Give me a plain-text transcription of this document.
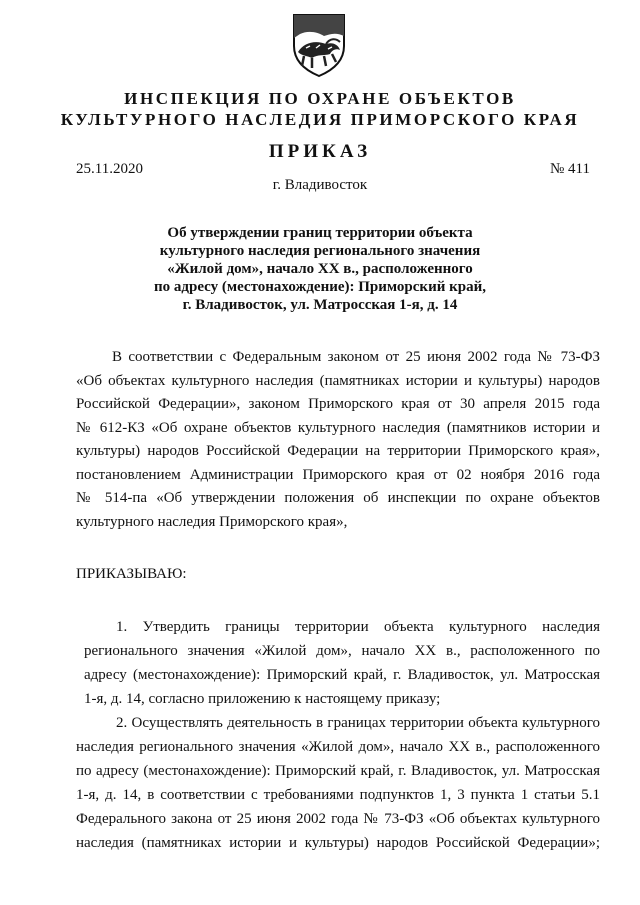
ИНСПЕКЦИЯ ПО ОХРАНЕ ОБЪЕКТОВ
КУЛЬТУРНОГО НАСЛЕДИЯ ПРИМОРСКОГО КРАЯ
ПРИКАЗ
25.11.2020	№ 411
г. Владивосток
Об утверждении границ территории объекта
культурного наследия регионального значения
«Жилой дом», начало XX в., расположенного
по адресу (местонахождение): Приморский край,
г. Владивосток, ул. Матросская 1-я, д. 14
В соответствии с Федеральным законом от 25 июня 2002 года № 73-ФЗ
«Об объектах культурного наследия (памятниках истории и культуры) народов
Российской Федерации», законом Приморского края от 30 апреля 2015 года
№ 612-КЗ «Об охране объектов культурного наследия (памятников истории и
культуры) народов Российской Федерации на территории Приморского края»,
постановлением Администрации Приморского края от 02 ноября 2016 года
№ 514-па «Об утверждении положения об инспекции по охране объектов
культурного наследия Приморского края»,
ПРИКАЗЫВАЮ:
1. Утвердить границы территории объекта культурного наследия
регионального значения «Жилой дом», начало XX в., расположенного по
адресу (местонахождение): Приморский край, г. Владивосток, ул. Матросская
1-я, д. 14, согласно приложению к настоящему приказу;
2. Осуществлять деятельность в границах территории объекта культурного
наследия регионального значения «Жилой дом», начало XX в., расположенного
по адресу (местонахождение): Приморский край, г. Владивосток, ул. Матросская
1-я, д. 14, в соответствии с требованиями подпунктов 1, 3 пункта 1 статьи 5.1
Федерального закона от 25 июня 2002 года № 73-ФЗ «Об объектах культурного
наследия (памятниках истории и культуры) народов Российской Федерации»;
